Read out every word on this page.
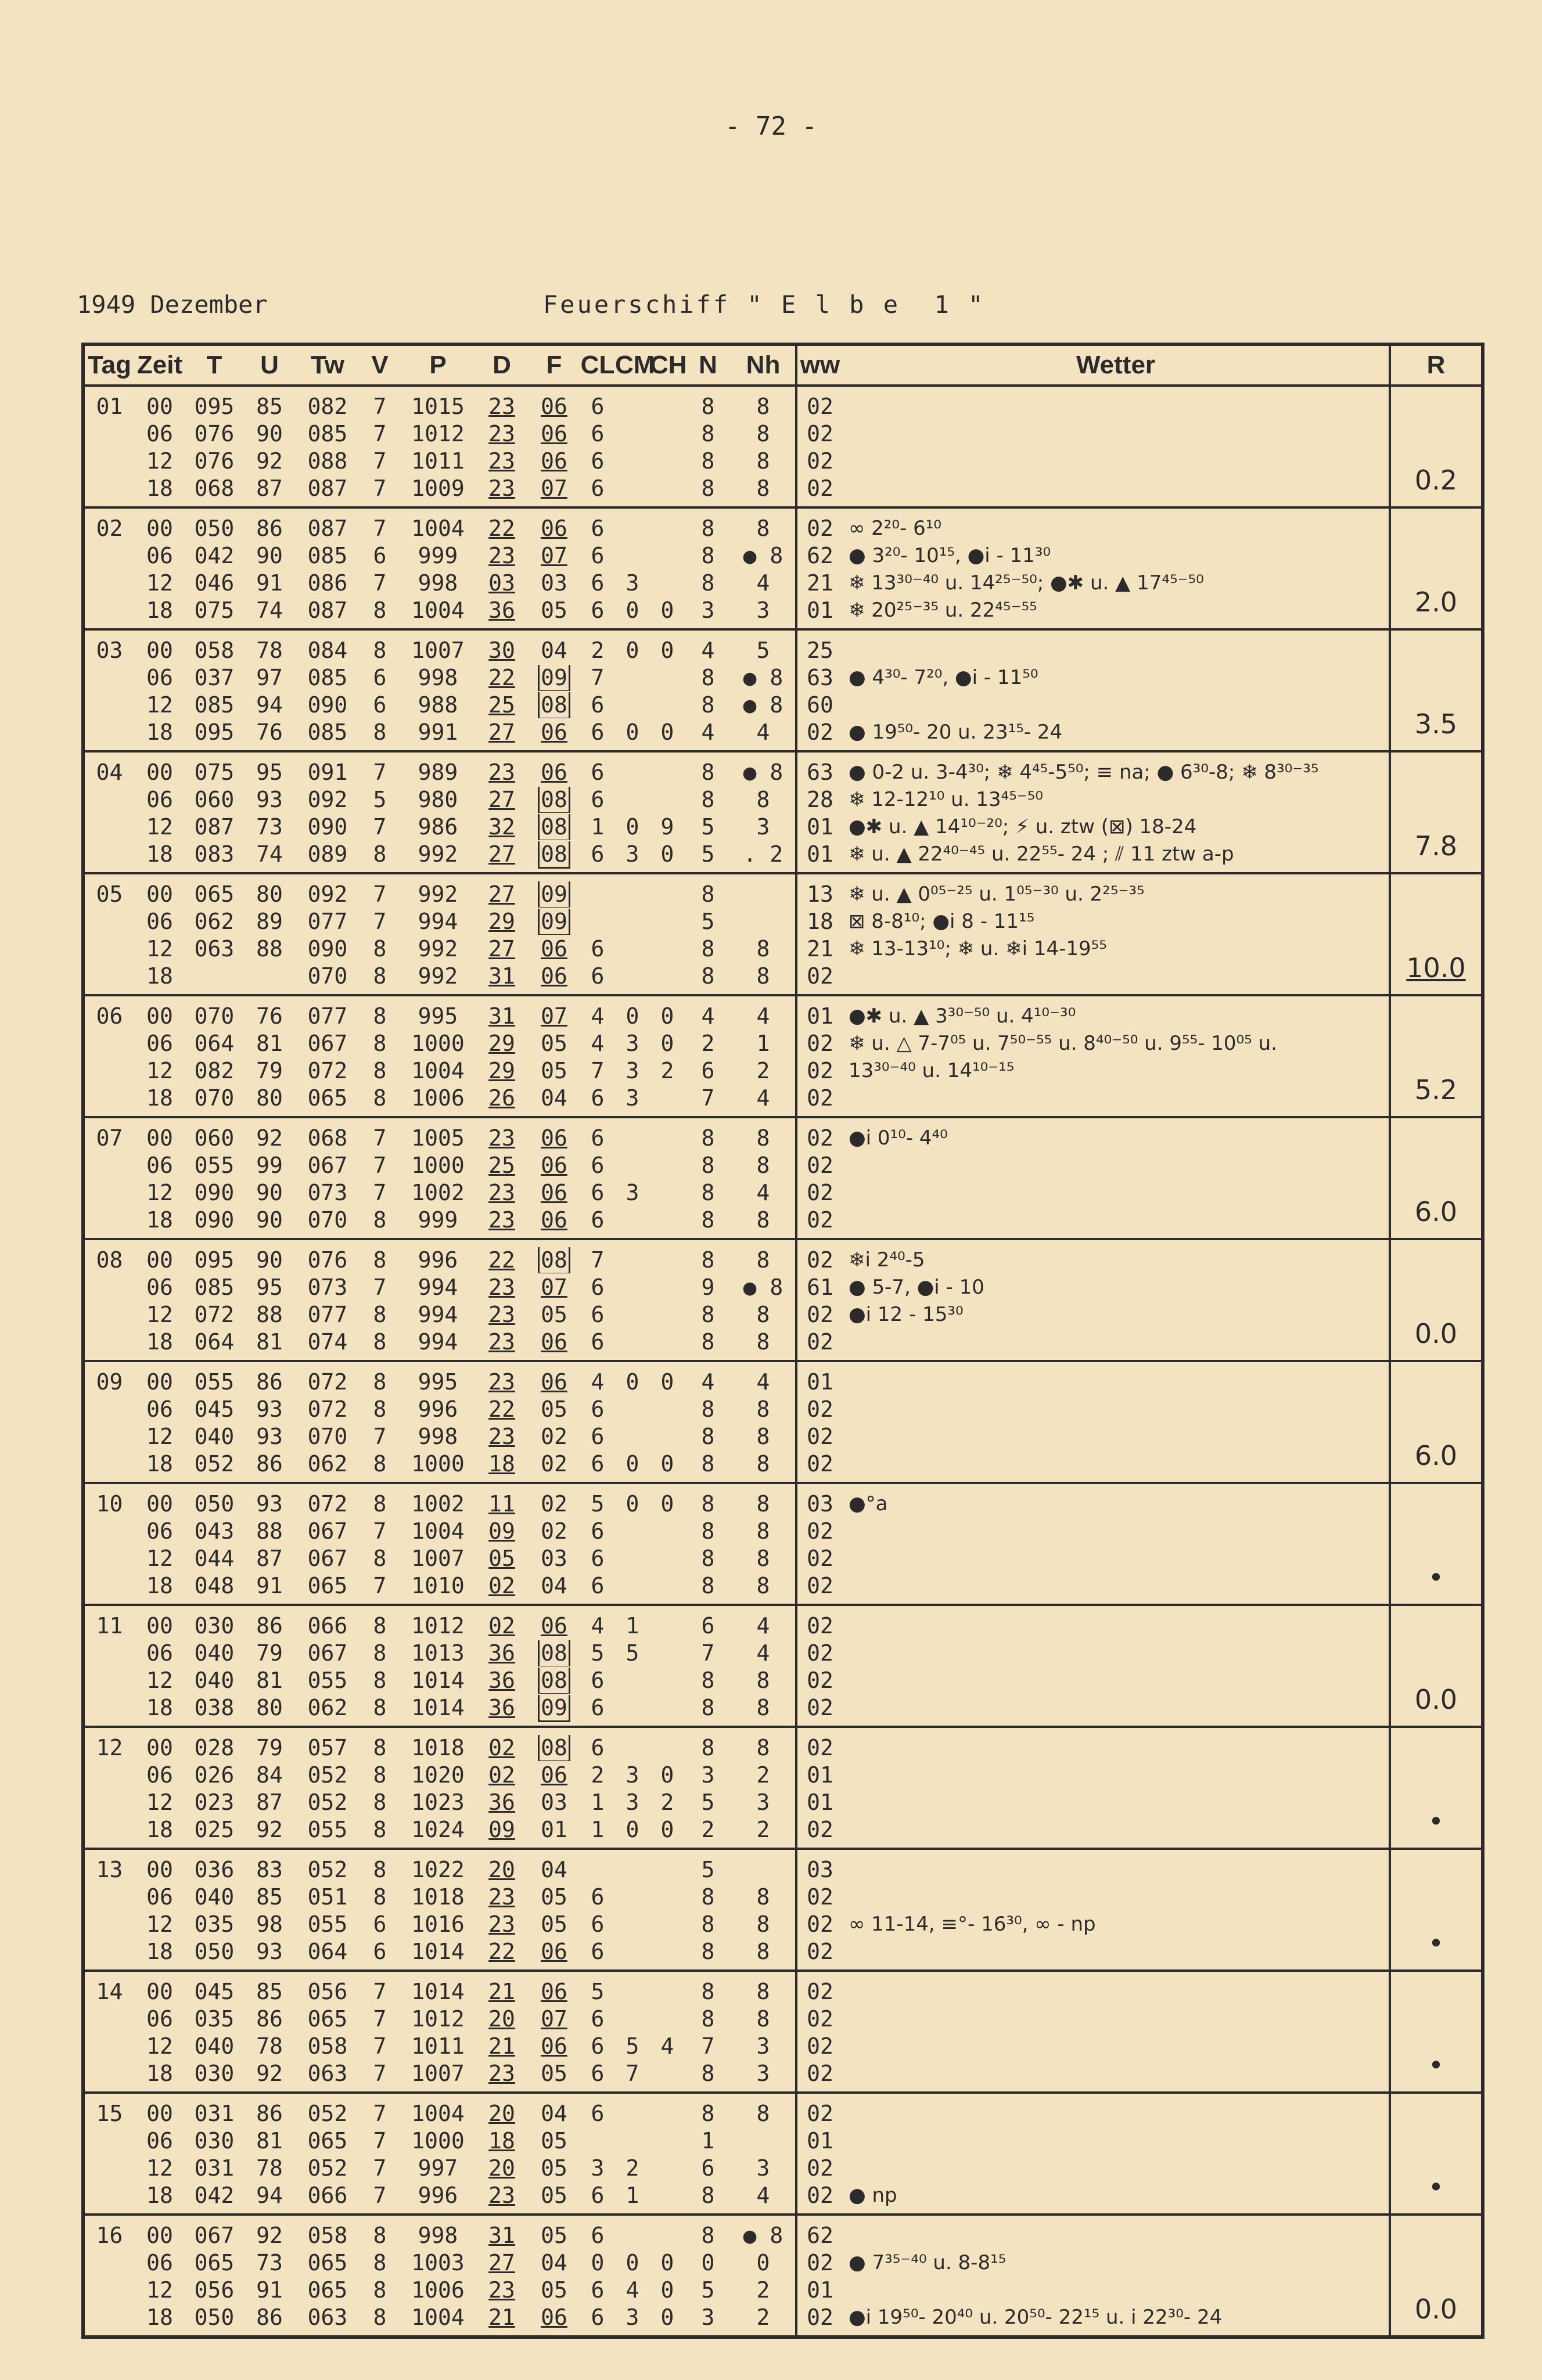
- 72 -
1949 Dezember	Feuerschiff " E l b e  1 "
Tag	Zeit	T	U	Tw	V	P	D	F	CL	CM	CH	N	Nh	ww	Wetter	R
01	00	095	85	082	7	1015	23	06	6			8	8	02		0.2
	06	076	90	085	7	1012	23	06	6			8	8	02		
	12	076	92	088	7	1011	23	06	6			8	8	02		
	18	068	87	087	7	1009	23	07	6			8	8	02		
02	00	050	86	087	7	1004	22	06	6			8	8	02	∞ 2²⁰- 6¹⁰	2.0
	06	042	90	085	6	999	23	07	6			8	● 8	62	● 3²⁰- 10¹⁵, ●i - 11³⁰	
	12	046	91	086	7	998	03	03	6	3		8	4	21	❄ 13³⁰⁻⁴⁰ u. 14²⁵⁻⁵⁰; ●✱ u. ▲ 17⁴⁵⁻⁵⁰	
	18	075	74	087	8	1004	36	05	6	0	0	3	3	01	❄ 20²⁵⁻³⁵ u. 22⁴⁵⁻⁵⁵	
03	00	058	78	084	8	1007	30	04	2	0	0	4	5	25		3.5
	06	037	97	085	6	998	22	09	7			8	● 8	63	● 4³⁰- 7²⁰, ●i - 11⁵⁰	
	12	085	94	090	6	988	25	08	6			8	● 8	60		
	18	095	76	085	8	991	27	06	6	0	0	4	4	02	● 19⁵⁰- 20 u. 23¹⁵- 24	
04	00	075	95	091	7	989	23	06	6			8	● 8	63	● 0-2 u. 3-4³⁰; ❄ 4⁴⁵-5⁵⁰; ≡ na; ● 6³⁰-8; ❄ 8³⁰⁻³⁵	7.8
	06	060	93	092	5	980	27	08	6			8	8	28	❄ 12-12¹⁰ u. 13⁴⁵⁻⁵⁰	
	12	087	73	090	7	986	32	08	1	0	9	5	3	01	●✱ u. ▲ 14¹⁰⁻²⁰; ⚡ u. ztw (⊠) 18-24	
	18	083	74	089	8	992	27	08	6	3	0	5	. 2	01	❄ u. ▲ 22⁴⁰⁻⁴⁵ u. 22⁵⁵- 24 ; ⫽ 11 ztw a-p	
05	00	065	80	092	7	992	27	09				8		13	❄ u. ▲ 0⁰⁵⁻²⁵ u. 1⁰⁵⁻³⁰ u. 2²⁵⁻³⁵	10.0
	06	062	89	077	7	994	29	09				5		18	⊠ 8-8¹⁰; ●i 8 - 11¹⁵	
	12	063	88	090	8	992	27	06	6			8	8	21	❄ 13-13¹⁰; ❄ u. ❄i 14-19⁵⁵	
	18			070	8	992	31	06	6			8	8	02		
06	00	070	76	077	8	995	31	07	4	0	0	4	4	01	●✱ u. ▲ 3³⁰⁻⁵⁰ u. 4¹⁰⁻³⁰	5.2
	06	064	81	067	8	1000	29	05	4	3	0	2	1	02	❄ u. △ 7-7⁰⁵ u. 7⁵⁰⁻⁵⁵ u. 8⁴⁰⁻⁵⁰ u. 9⁵⁵- 10⁰⁵ u.	
	12	082	79	072	8	1004	29	05	7	3	2	6	2	02	13³⁰⁻⁴⁰ u. 14¹⁰⁻¹⁵	
	18	070	80	065	8	1006	26	04	6	3		7	4	02		
07	00	060	92	068	7	1005	23	06	6			8	8	02	●i 0¹⁰- 4⁴⁰	6.0
	06	055	99	067	7	1000	25	06	6			8	8	02		
	12	090	90	073	7	1002	23	06	6	3		8	4	02		
	18	090	90	070	8	999	23	06	6			8	8	02		
08	00	095	90	076	8	996	22	08	7			8	8	02	❄i 2⁴⁰-5	0.0
	06	085	95	073	7	994	23	07	6			9	● 8	61	● 5-7, ●i - 10	
	12	072	88	077	8	994	23	05	6			8	8	02	●i 12 - 15³⁰	
	18	064	81	074	8	994	23	06	6			8	8	02		
09	00	055	86	072	8	995	23	06	4	0	0	4	4	01		6.0
	06	045	93	072	8	996	22	05	6			8	8	02		
	12	040	93	070	7	998	23	02	6			8	8	02		
	18	052	86	062	8	1000	18	02	6	0	0	8	8	02		
10	00	050	93	072	8	1002	11	02	5	0	0	8	8	03	●°a	•
	06	043	88	067	7	1004	09	02	6			8	8	02		
	12	044	87	067	8	1007	05	03	6			8	8	02		
	18	048	91	065	7	1010	02	04	6			8	8	02		
11	00	030	86	066	8	1012	02	06	4	1		6	4	02		0.0
	06	040	79	067	8	1013	36	08	5	5		7	4	02		
	12	040	81	055	8	1014	36	08	6			8	8	02		
	18	038	80	062	8	1014	36	09	6			8	8	02		
12	00	028	79	057	8	1018	02	08	6			8	8	02		•
	06	026	84	052	8	1020	02	06	2	3	0	3	2	01		
	12	023	87	052	8	1023	36	03	1	3	2	5	3	01		
	18	025	92	055	8	1024	09	01	1	0	0	2	2	02		
13	00	036	83	052	8	1022	20	04				5		03		•
	06	040	85	051	8	1018	23	05	6			8	8	02		
	12	035	98	055	6	1016	23	05	6			8	8	02	∞ 11-14, ≡°- 16³⁰, ∞ - np	
	18	050	93	064	6	1014	22	06	6			8	8	02		
14	00	045	85	056	7	1014	21	06	5			8	8	02		•
	06	035	86	065	7	1012	20	07	6			8	8	02		
	12	040	78	058	7	1011	21	06	6	5	4	7	3	02		
	18	030	92	063	7	1007	23	05	6	7		8	3	02		
15	00	031	86	052	7	1004	20	04	6			8	8	02		•
	06	030	81	065	7	1000	18	05				1		01		
	12	031	78	052	7	997	20	05	3	2		6	3	02		
	18	042	94	066	7	996	23	05	6	1		8	4	02	● np	
16	00	067	92	058	8	998	31	05	6			8	● 8	62		0.0
	06	065	73	065	8	1003	27	04	0	0	0	0	0	02	● 7³⁵⁻⁴⁰ u. 8-8¹⁵	
	12	056	91	065	8	1006	23	05	6	4	0	5	2	01		
	18	050	86	063	8	1004	21	06	6	3	0	3	2	02	●i 19⁵⁰- 20⁴⁰ u. 20⁵⁰- 22¹⁵ u. i 22³⁰- 24	
